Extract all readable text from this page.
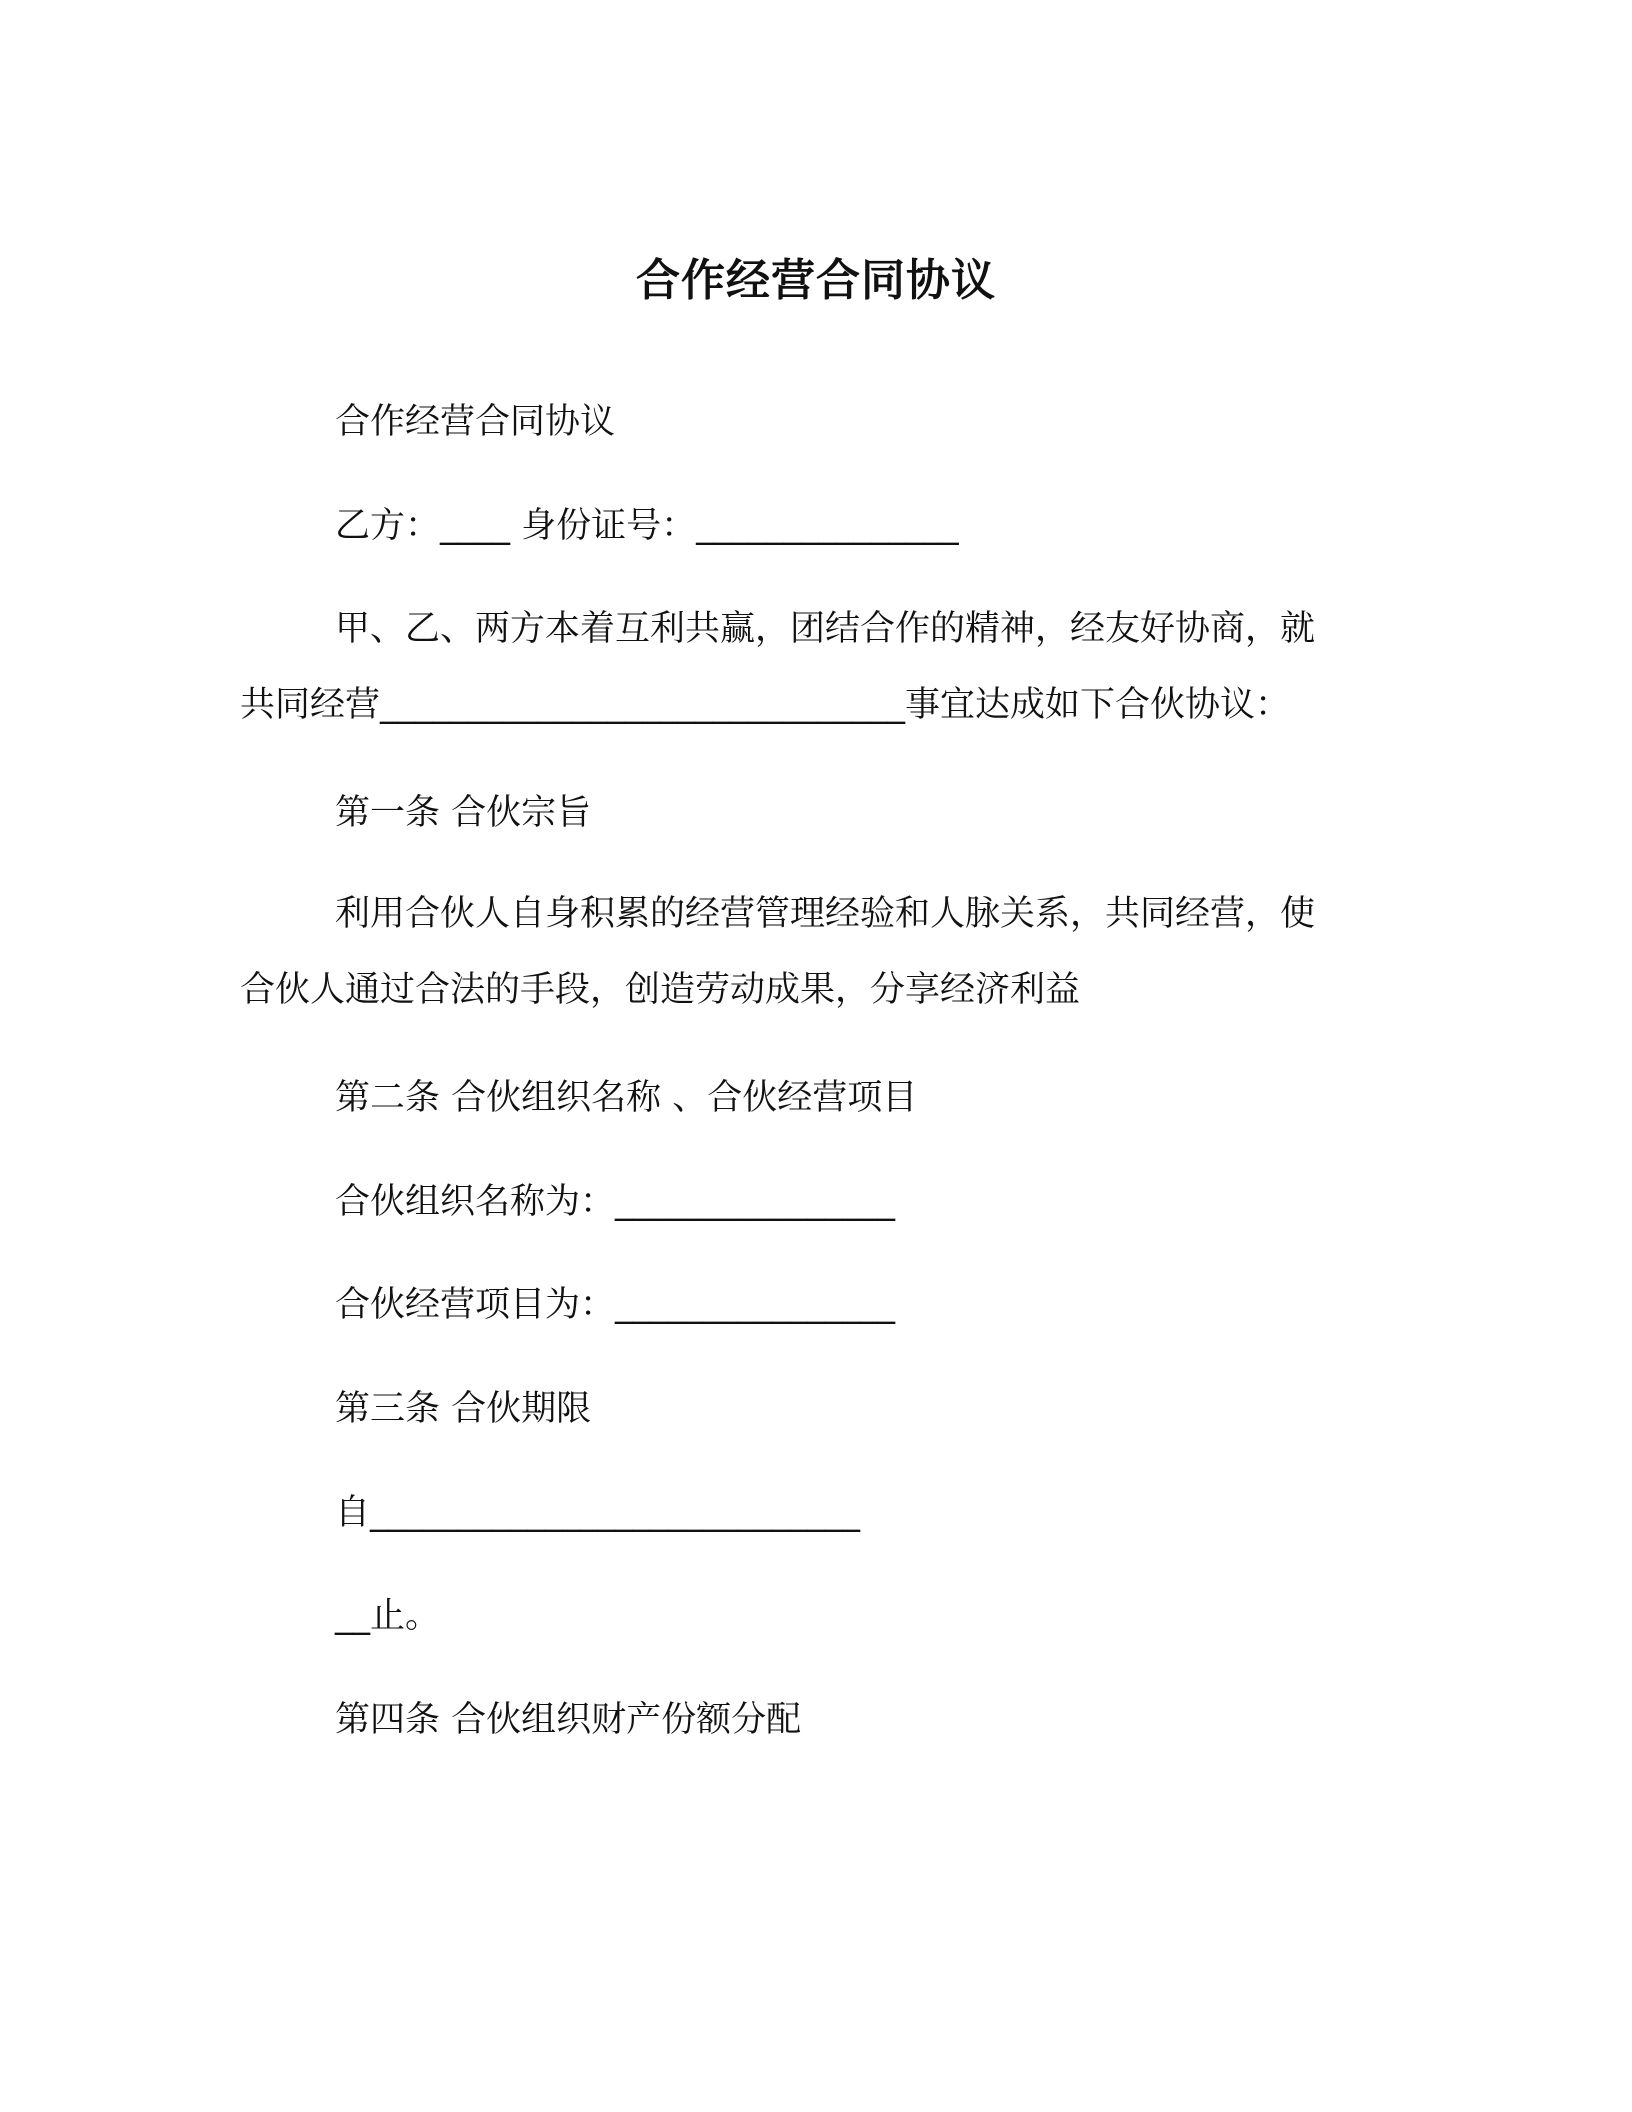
合作经营合同协议

合作经营合同协议

乙方：____ 身份证号：_______________

甲、乙、两方本着互利共赢，团结合作的精神，经友好协商，就

共同经营______________________________事宜达成如下合伙协议：

第一条 合伙宗旨

利用合伙人自身积累的经营管理经验和人脉关系，共同经营，使

合伙人通过合法的手段，创造劳动成果，分享经济利益

第二条 合伙组织名称 、合伙经营项目

合伙组织名称为：________________

合伙经营项目为：________________

第三条 合伙期限

自____________________________

__止。

第四条 合伙组织财产份额分配
